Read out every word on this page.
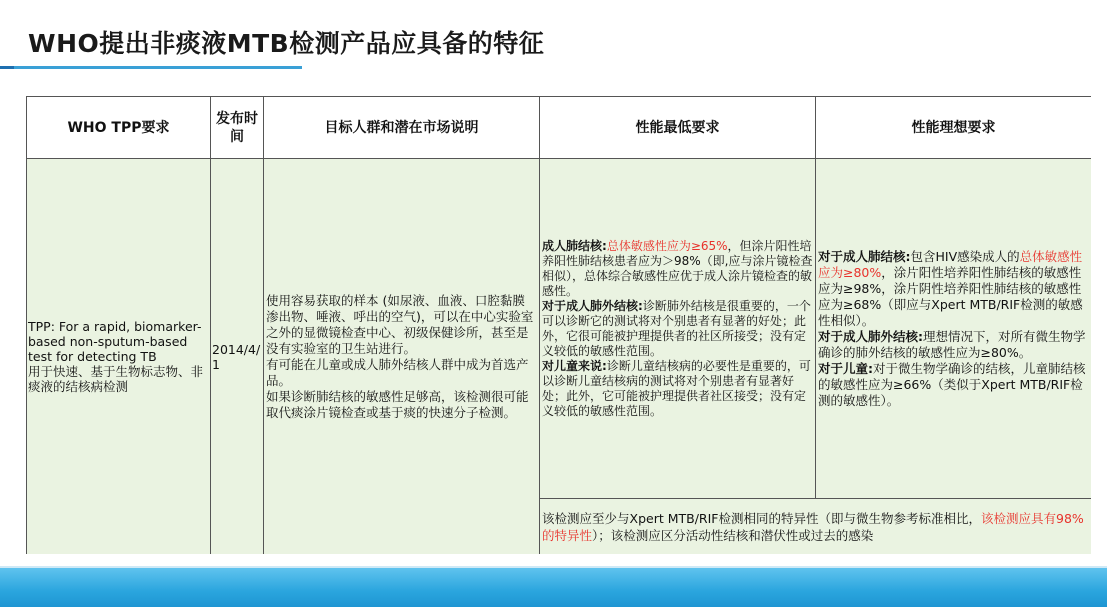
WHO提出非痰液MTB检测产品应具备的特征
WHO TPP要求
发布时间
目标人群和潜在市场说明	性能最低要求	性能理想要求
TPP: For a rapid, biomarker-based non-sputum-based test for detecting TB
用于快速、基于生物标志物、非痰液的结核病检测
2014/4/1
使用容易获取的样本 (如尿液、血液、口腔黏膜渗出物、唾液、呼出的空气)，可以在中心实验室之外的显微镜检查中心、初级保健诊所，甚至是没有实验室的卫生站进行。
有可能在儿童或成人肺外结核人群中成为首选产品。
如果诊断肺结核的敏感性足够高，该检测很可能取代痰涂片镜检查或基于痰的快速分子检测。
成人肺结核:总体敏感性应为≥65%，但涂片阳性培养阳性肺结核患者应为＞98%（即,应与涂片镜检查相似），总体综合敏感性应优于成人涂片镜检查的敏感性。
对于成人肺外结核:诊断肺外结核是很重要的，一个可以诊断它的测试将对个别患者有显著的好处；此外，它很可能被护理提供者的社区所接受；没有定义较低的敏感性范围。
对儿童来说:诊断儿童结核病的必要性是重要的，可以诊断儿童结核病的测试将对个别患者有显著好处；此外，它可能被护理提供者社区接受；没有定义较低的敏感性范围。
对于成人肺结核:包含HIV感染成人的总体敏感性应为≥80%，涂片阳性培养阳性肺结核的敏感性应为≥98%，涂片阴性培养阳性肺结核的敏感性应为≥68%（即应与Xpert MTB/RIF检测的敏感性相似）。
对于成人肺外结核:理想情况下，对所有微生物学确诊的肺外结核的敏感性应为≥80%。
对于儿童:对于微生物学确诊的结核，儿童肺结核的敏感性应为≥66%（类似于Xpert MTB/RIF检测的敏感性）。
该检测应至少与Xpert MTB/RIF检测相同的特异性（即与微生物参考标准相比，该检测应具有98%的特异性）；该检测应区分活动性结核和潜伏性或过去的感染
